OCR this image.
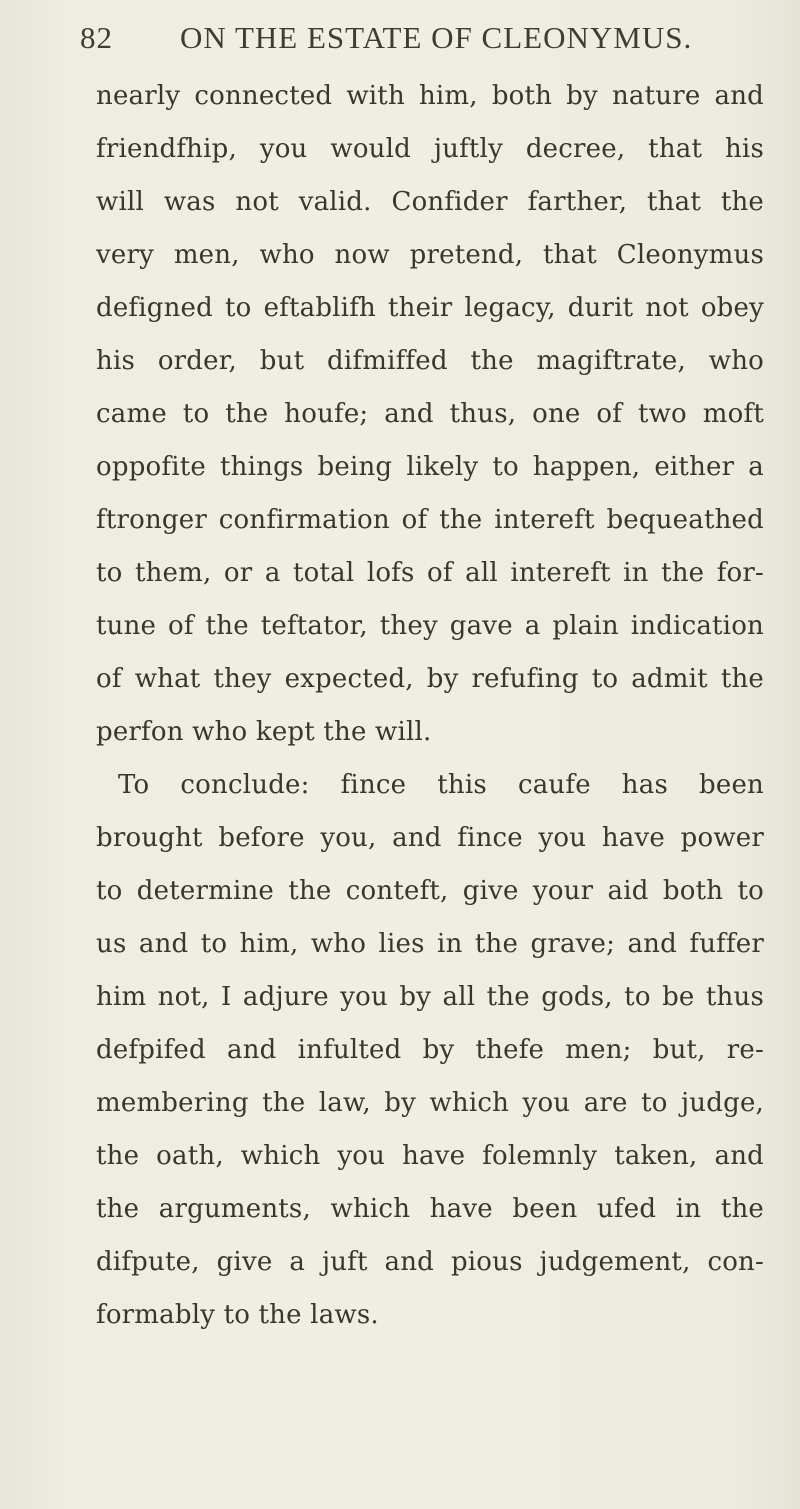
82 ON THE ESTATE OF CLEONYMUS.
nearly connected with him, both by nature and
friendfhip, you would juftly decree, that his
will was not valid. Confider farther, that the
very men, who now pretend, that Cleonymus
defigned to eftablifh their legacy, durit not obey
his order, but difmiffed the magiftrate, who
came to the houfe; and thus, one of two moft
oppofite things being likely to happen, either a
ftronger confirmation of the intereft bequeathed
to them, or a total lofs of all intereft in the for-
tune of the teftator, they gave a plain indication
of what they expected, by refufing to admit the
perfon who kept the will.
To conclude: fince this caufe has been
brought before you, and fince you have power
to determine the conteft, give your aid both to
us and to him, who lies in the grave; and fuffer
him not, I adjure you by all the gods, to be thus
defpifed and infulted by thefe men; but, re-
membering the law, by which you are to judge,
the oath, which you have folemnly taken, and
the arguments, which have been ufed in the
difpute, give a juft and pious judgement, con-
formably to the laws.
